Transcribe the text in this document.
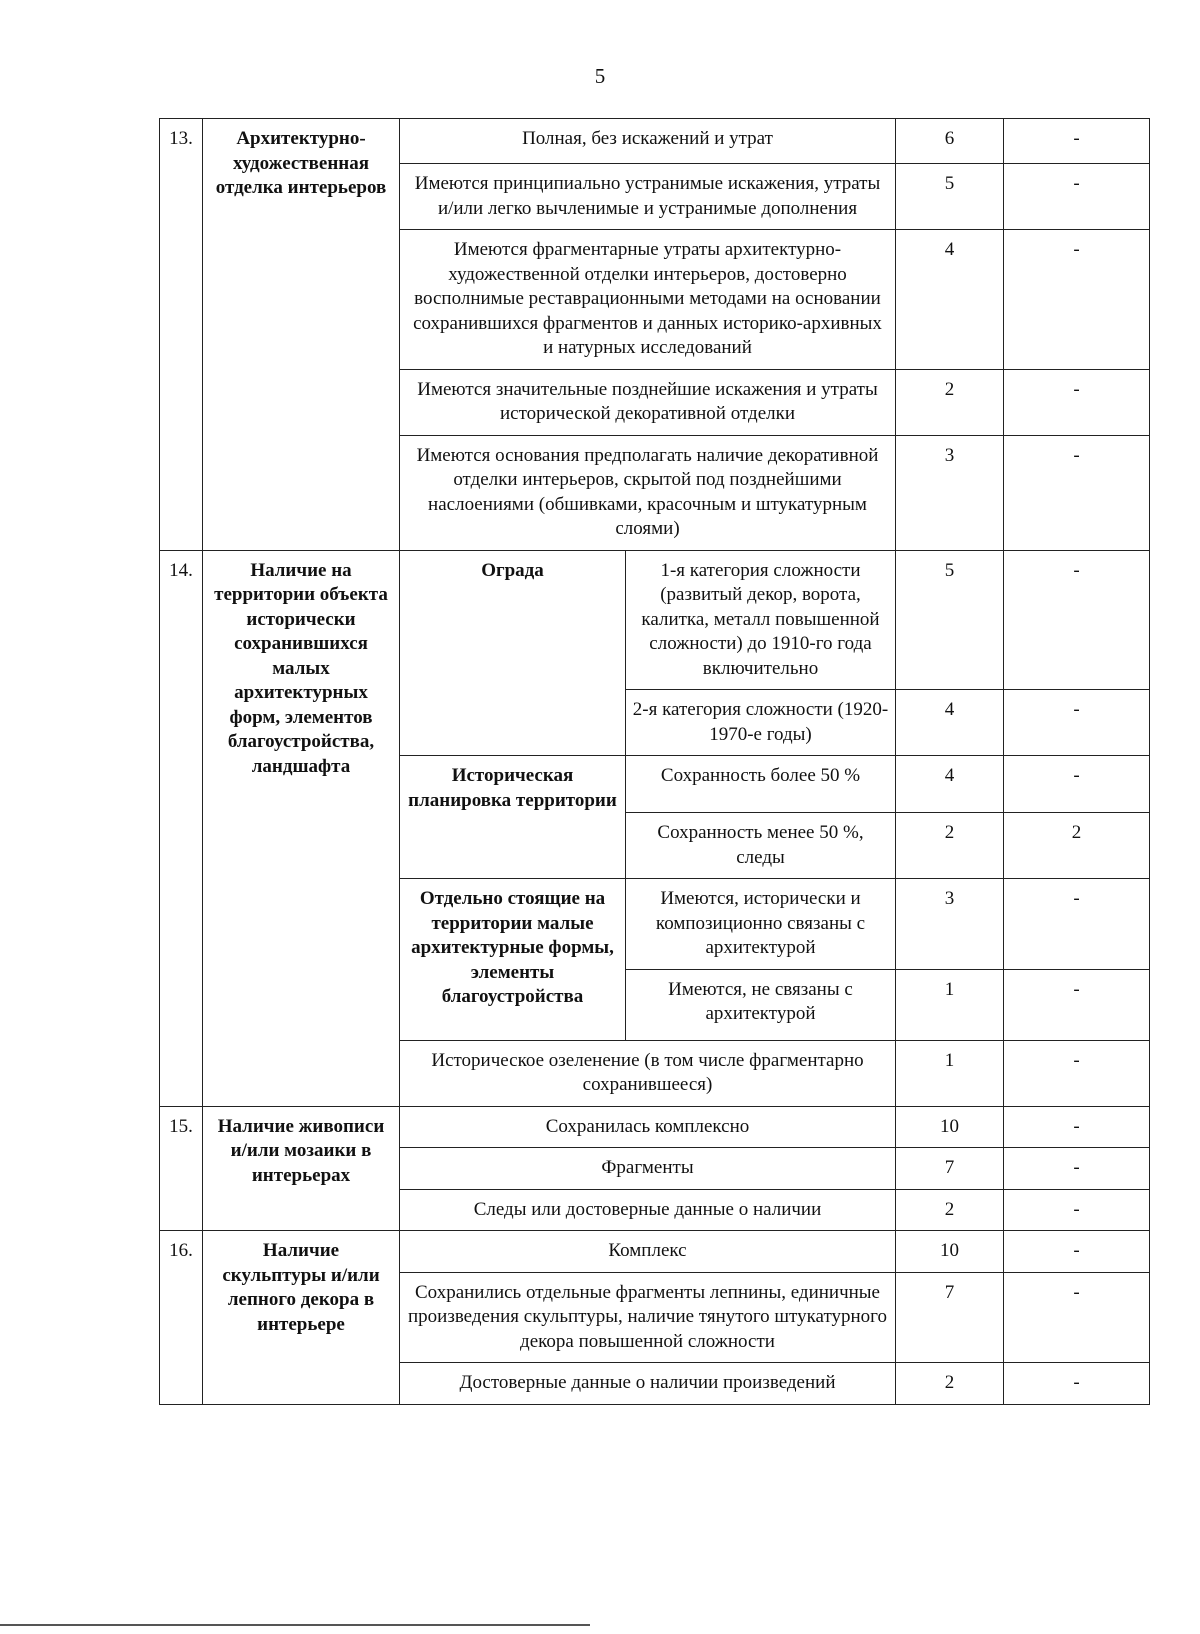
5
13.	Архитектурно-художественная отделка интерьеров	Полная, без искажений и утрат		6	-
		Имеются принципиально устранимые искажения, утраты и/или легко вычленимые и устранимые дополнения		5	-
		Имеются фрагментарные утраты архитектурно-художественной отделки интерьеров, достоверно восполнимые реставрационными методами на основании сохранившихся фрагментов и данных историко-архивных и натурных исследований		4	-
		Имеются значительные позднейшие искажения и утраты исторической декоративной отделки		2	-
		Имеются основания предполагать наличие декоративной отделки интерьеров, скрытой под позднейшими наслоениями (обшивками, красочным и штукатурным слоями)		3	-
14.	Наличие на территории объекта исторически сохранившихся малых архитектурных форм, элементов благоустройства, ландшафта	Ограда	1-я категория сложности (развитый декор, ворота, калитка, металл повышенной сложности) до 1910-го года включительно	5	-
			2-я категория сложности (1920-1970-е годы)	4	-
		Историческая планировка территории	Сохранность более 50 %	4	-
			Сохранность менее 50 %, следы	2	2
		Отдельно стоящие на территории малые архитектурные формы, элементы благоустройства	Имеются, исторически и композиционно связаны с архитектурой	3	-
			Имеются, не связаны с архитектурой	1	-
		Историческое озеленение (в том числе фрагментарно сохранившееся)		1	-
15.	Наличие живописи и/или мозаики в интерьерах	Сохранилась комплексно		10	-
		Фрагменты		7	-
		Следы или достоверные данные о наличии		2	-
16.	Наличие скульптуры и/или лепного декора в интерьере	Комплекс		10	-
		Сохранились отдельные фрагменты лепнины, единичные произведения скульптуры, наличие тянутого штукатурного декора повышенной сложности		7	-
		Достоверные данные о наличии произведений		2	-
